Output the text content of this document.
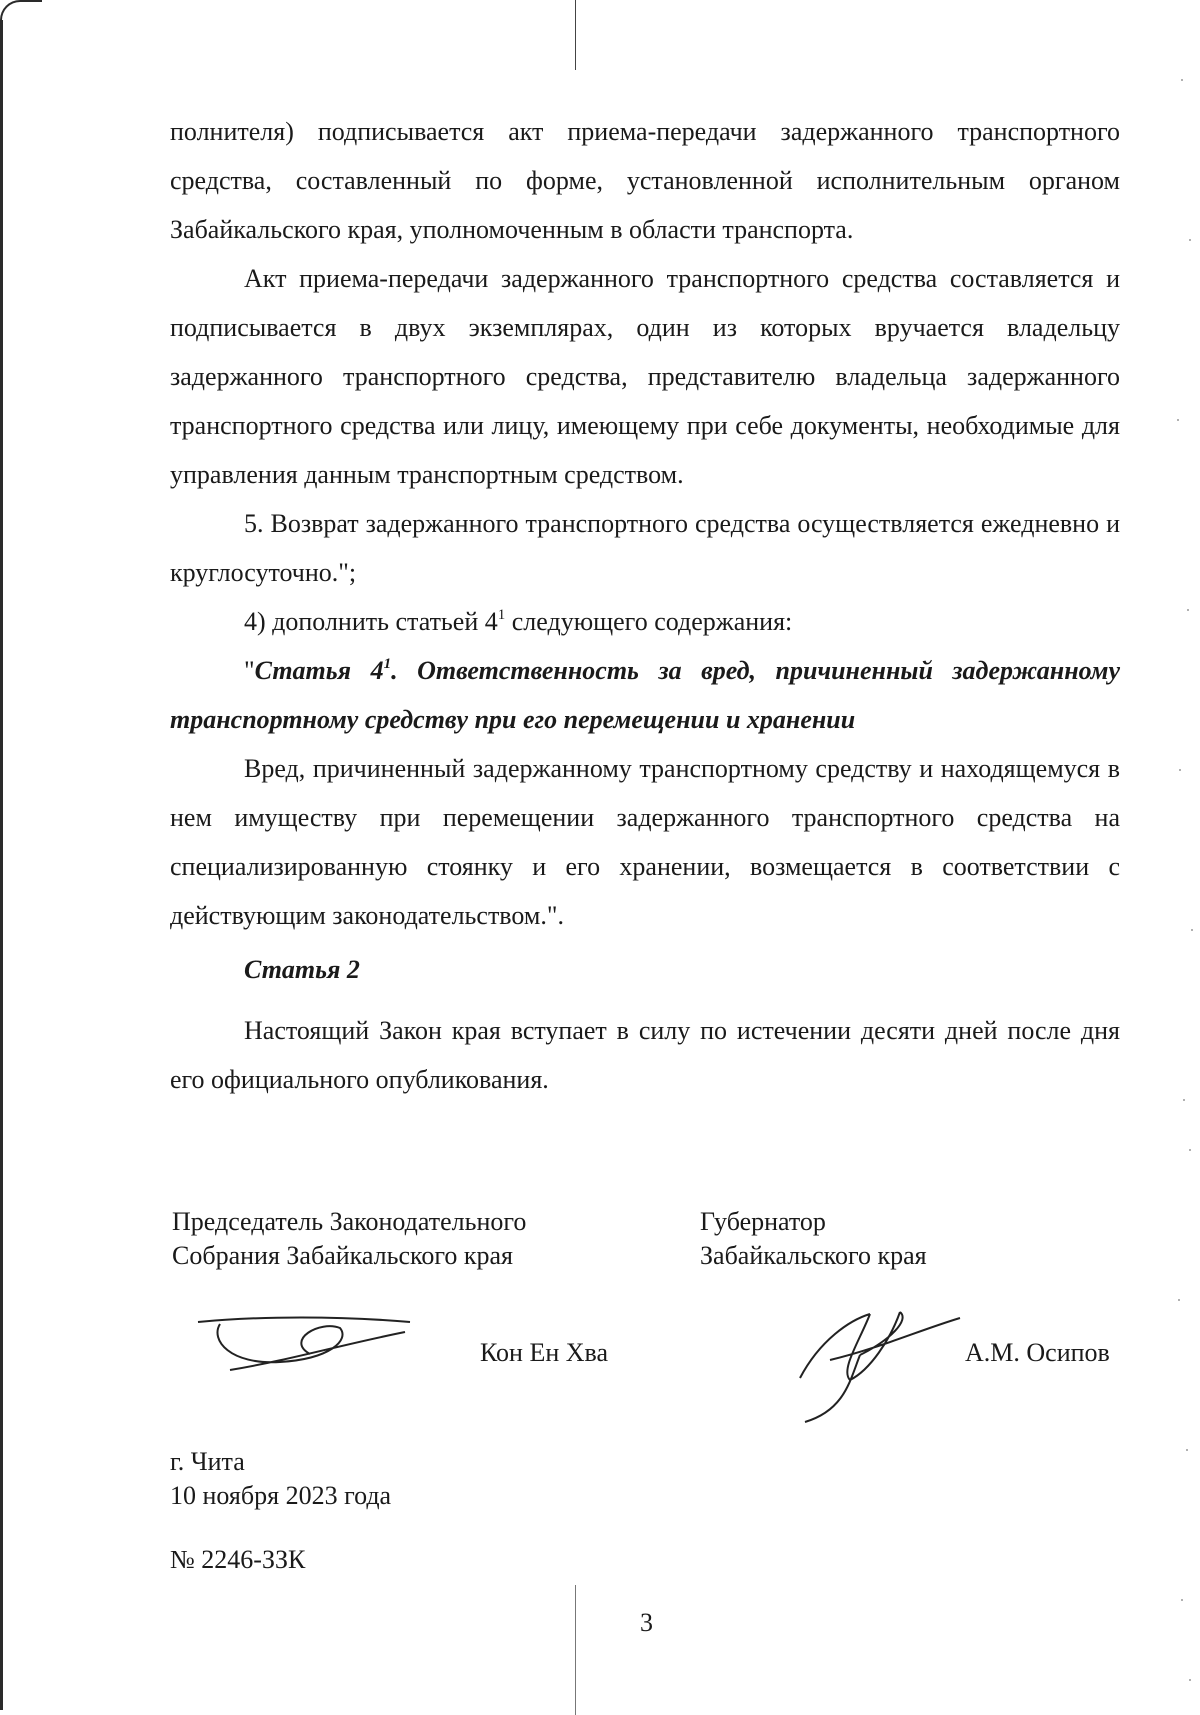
полнителя) подписывается акт приема-передачи задержанного транспортного средства, составленный по форме, установленной исполнительным органом Забайкальского края, уполномоченным в области транспорта.

Акт приема-передачи задержанного транспортного средства составляется и подписывается в двух экземплярах, один из которых вручается владельцу задержанного транспортного средства, представителю владельца задержанного транспортного средства или лицу, имеющему при себе документы, необходимые для управления данным транспортным средством.

5. Возврат задержанного транспортного средства осуществляется ежедневно и круглосуточно.";

4) дополнить статьей $4^1$ следующего содержания:

"Статья $4^1$. Ответственность за вред, причиненный задержанному транспортному средству при его перемещении и хранении

Вред, причиненный задержанному транспортному средству и находящемуся в нем имуществу при перемещении задержанного транспортного средства на специализированную стоянку и его хранении, возмещается в соответствии с действующим законодательством.".

Статья 2

Настоящий Закон края вступает в силу по истечении десяти дней после дня его официального опубликования.

Председатель Законодательного
Собрания Забайкальского края
Губернатор
Забайкальского края
Кон Ен Хва	А.М. Осипов
г. Чита
10 ноября 2023 года
№ 2246-ЗЗК
3
